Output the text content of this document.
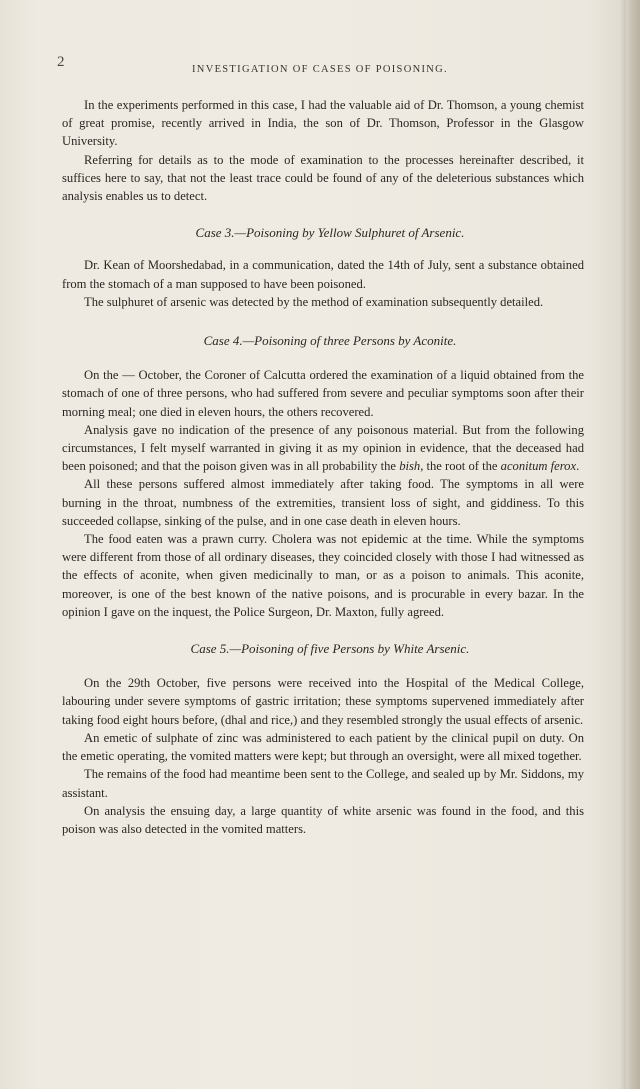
2	INVESTIGATION OF CASES OF POISONING.

In the experiments performed in this case, I had the valuable aid of Dr. Thomson, a young chemist of great promise, recently arrived in India, the son of Dr. Thomson, Professor in the Glasgow University.

Referring for details as to the mode of examination to the processes hereinafter described, it suffices here to say, that not the least trace could be found of any of the deleterious substances which analysis enables us to detect.

Case 3.—Poisoning by Yellow Sulphuret of Arsenic.

Dr. Kean of Moorshedabad, in a communication, dated the 14th of July, sent a substance obtained from the stomach of a man supposed to have been poisoned.

The sulphuret of arsenic was detected by the method of examination subsequently detailed.

Case 4.—Poisoning of three Persons by Aconite.

On the — October, the Coroner of Calcutta ordered the examination of a liquid obtained from the stomach of one of three persons, who had suffered from severe and peculiar symptoms soon after their morning meal; one died in eleven hours, the others recovered.

Analysis gave no indication of the presence of any poisonous material. But from the following circumstances, I felt myself warranted in giving it as my opinion in evidence, that the deceased had been poisoned; and that the poison given was in all probability the bish, the root of the aconitum ferox.

All these persons suffered almost immediately after taking food. The symptoms in all were burning in the throat, numbness of the extremities, transient loss of sight, and giddiness. To this succeeded collapse, sinking of the pulse, and in one case death in eleven hours.

The food eaten was a prawn curry. Cholera was not epidemic at the time. While the symptoms were different from those of all ordinary diseases, they coincided closely with those I had witnessed as the effects of aconite, when given medicinally to man, or as a poison to animals. This aconite, moreover, is one of the best known of the native poisons, and is procurable in every bazar. In the opinion I gave on the inquest, the Police Surgeon, Dr. Maxton, fully agreed.

Case 5.—Poisoning of five Persons by White Arsenic.

On the 29th October, five persons were received into the Hospital of the Medical College, labouring under severe symptoms of gastric irritation; these symptoms supervened immediately after taking food eight hours before, (dhal and rice,) and they resembled strongly the usual effects of arsenic.

An emetic of sulphate of zinc was administered to each patient by the clinical pupil on duty. On the emetic operating, the vomited matters were kept; but through an oversight, were all mixed together.

The remains of the food had meantime been sent to the College, and sealed up by Mr. Siddons, my assistant.

On analysis the ensuing day, a large quantity of white arsenic was found in the food, and this poison was also detected in the vomited matters.
